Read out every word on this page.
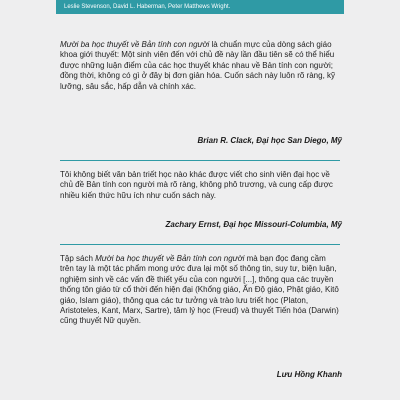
Leslie Stevenson, David L. Haberman, Peter Matthews Wright.

Mười ba học thuyết về Bản tính con người là chuẩn mực của dòng sách giáo khoa giới thuyết: Một sinh viên đến với chủ đề này lần đầu tiên sẽ có thể hiểu được những luận điểm của các học thuyết khác nhau về Bản tính con người; đồng thời, không có gì ở đây bị đơn giản hóa. Cuốn sách này luôn rõ ràng, kỹ lưỡng, sâu sắc, hấp dẫn và chính xác.

Brian R. Clack, Đại học San Diego, Mỹ

Tôi không biết văn bản triết học nào khác được viết cho sinh viên đại học về chủ đề Bản tính con người mà rõ ràng, không phô trương, và cung cấp được nhiều kiến thức hữu ích như cuốn sách này.

Zachary Ernst, Đại học Missouri-Columbia, Mỹ

Tập sách Mười ba học thuyết về Bản tính con người mà bạn đọc đang cầm trên tay là một tác phẩm mong ước đưa lại một số thông tin, suy tư, biện luận, nghiệm sinh về các vấn đề thiết yếu của con người [...], thông qua các truyền thống tôn giáo từ cổ thời đến hiện đại (Khổng giáo, Ấn Độ giáo, Phật giáo, Kitô giáo, Islam giáo), thông qua các tư tưởng và trào lưu triết học (Platon, Aristoteles, Kant, Marx, Sartre), tâm lý học (Freud) và thuyết Tiến hóa (Darwin) cũng thuyết Nữ quyền.

Lưu Hồng Khanh
